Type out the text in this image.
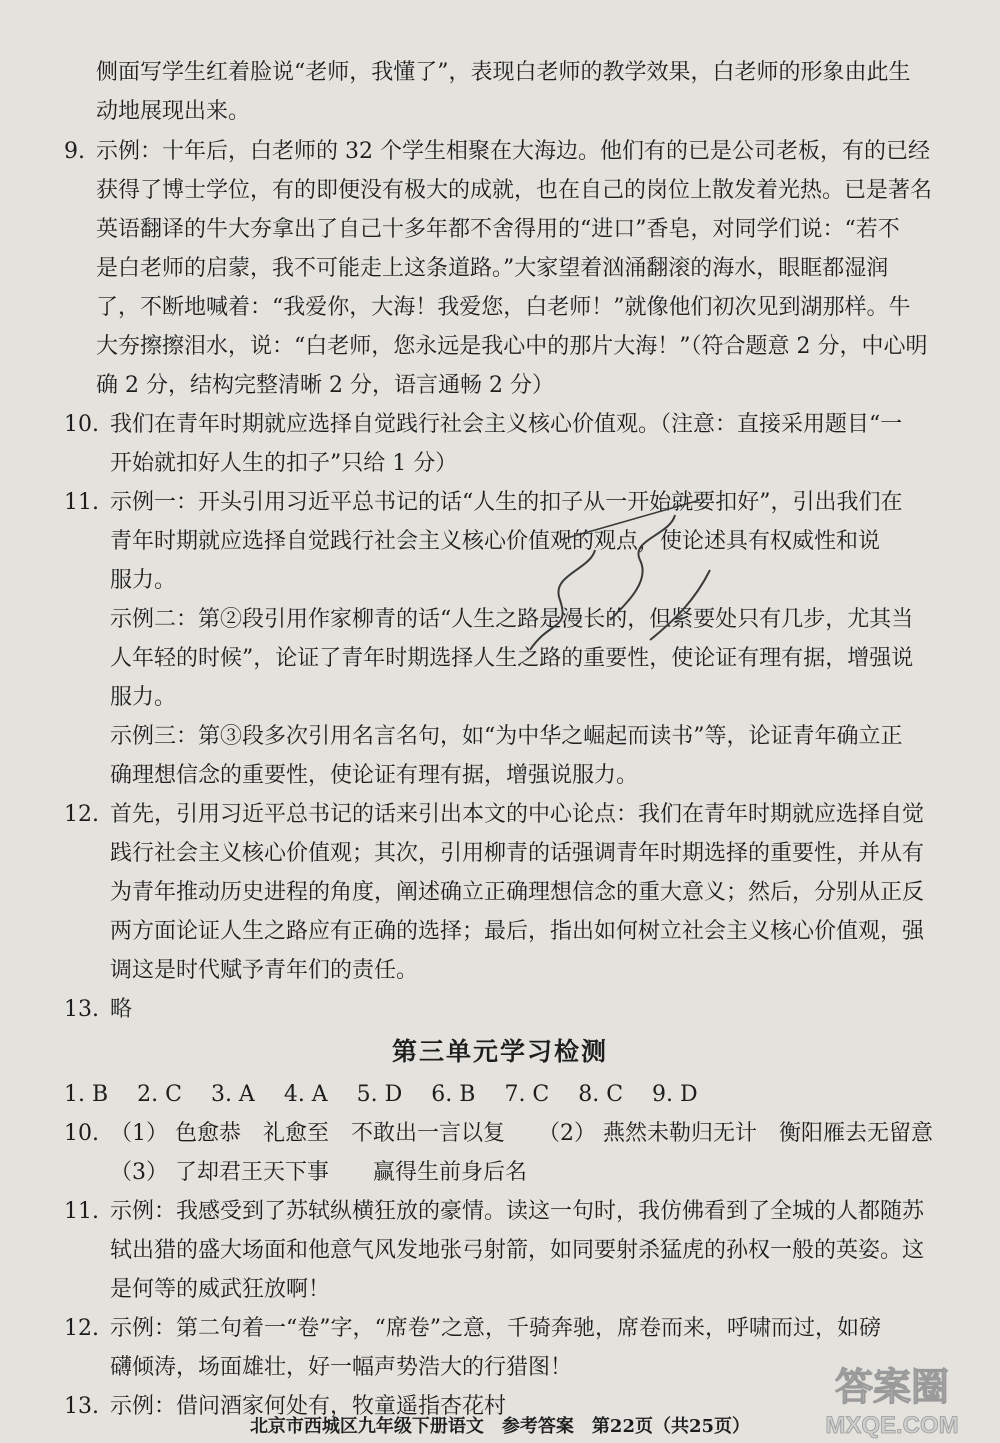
侧面写学生红着脸说“老师，我懂了”，表现白老师的教学效果，白老师的形象由此生
动地展现出来。
9. 示例：十年后，白老师的 32 个学生相聚在大海边。他们有的已是公司老板，有的已经
获得了博士学位，有的即便没有极大的成就，也在自己的岗位上散发着光热。已是著名
英语翻译的牛大夯拿出了自己十多年都不舍得用的“进口”香皂，对同学们说：“若不
是白老师的启蒙，我不可能走上这条道路。”大家望着汹涌翻滚的海水，眼眶都湿润
了，不断地喊着：“我爱你，大海！我爱您，白老师！”就像他们初次见到湖那样。牛
大夯擦擦泪水，说：“白老师，您永远是我心中的那片大海！”（符合题意 2 分，中心明
确 2 分，结构完整清晰 2 分，语言通畅 2 分）
10. 我们在青年时期就应选择自觉践行社会主义核心价值观。（注意：直接采用题目“一
开始就扣好人生的扣子”只给 1 分）
11. 示例一：开头引用习近平总书记的话“人生的扣子从一开始就要扣好”，引出我们在
青年时期就应选择自觉践行社会主义核心价值观的观点，使论述具有权威性和说
服力。
示例二：第②段引用作家柳青的话“人生之路是漫长的，但紧要处只有几步，尤其当
人年轻的时候”，论证了青年时期选择人生之路的重要性，使论证有理有据，增强说
服力。
示例三：第③段多次引用名言名句，如“为中华之崛起而读书”等，论证青年确立正
确理想信念的重要性，使论证有理有据，增强说服力。
12. 首先，引用习近平总书记的话来引出本文的中心论点：我们在青年时期就应选择自觉
践行社会主义核心价值观；其次，引用柳青的话强调青年时期选择的重要性，并从有
为青年推动历史进程的角度，阐述确立正确理想信念的重大意义；然后，分别从正反
两方面论证人生之路应有正确的选择；最后，指出如何树立社会主义核心价值观，强
调这是时代赋予青年们的责任。
13. 略
第三单元学习检测
1. B　 2. C　 3. A　 4. A　 5. D　 6. B　 7. C　 8. C　 9. D
10. （1） 色愈恭　礼愈至　不敢出一言以复　　（2） 燕然未勒归无计　衡阳雁去无留意
（3） 了却君王天下事　　赢得生前身后名
11. 示例：我感受到了苏轼纵横狂放的豪情。读这一句时，我仿佛看到了全城的人都随苏
轼出猎的盛大场面和他意气风发地张弓射箭，如同要射杀猛虎的孙权一般的英姿。这
是何等的威武狂放啊！
12. 示例：第二句着一“卷”字，“席卷”之意，千骑奔驰，席卷而来，呼啸而过，如磅
礴倾涛，场面雄壮，好一幅声势浩大的行猎图！
13. 示例：借问酒家何处有，牧童遥指杏花村
北京市西城区九年级下册语文　参考答案　第22页（共25页）
答案圈
MXQE.COM
